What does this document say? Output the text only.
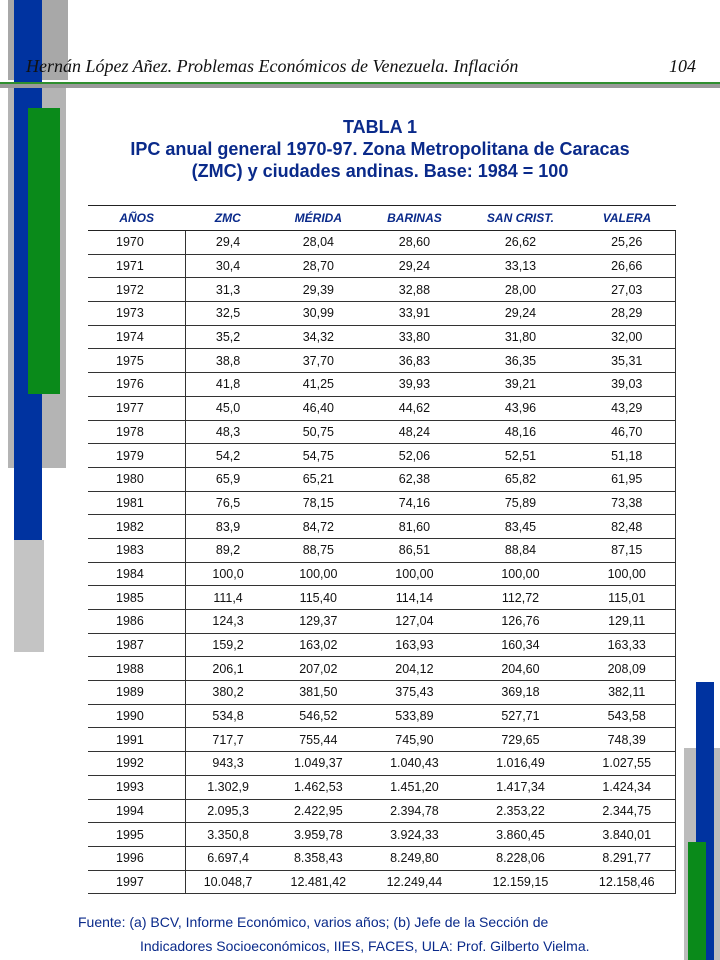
Hernán López Añez. Problemas Económicos de Venezuela. Inflación	104
TABLA 1
IPC anual general 1970-97. Zona Metropolitana de Caracas
(ZMC) y ciudades andinas. Base: 1984 = 100
AÑOS	ZMC	MÉRIDA	BARINAS	SAN CRIST.	VALERA
1970	29,4	28,04	28,60	26,62	25,26
1971	30,4	28,70	29,24	33,13	26,66
1972	31,3	29,39	32,88	28,00	27,03
1973	32,5	30,99	33,91	29,24	28,29
1974	35,2	34,32	33,80	31,80	32,00
1975	38,8	37,70	36,83	36,35	35,31
1976	41,8	41,25	39,93	39,21	39,03
1977	45,0	46,40	44,62	43,96	43,29
1978	48,3	50,75	48,24	48,16	46,70
1979	54,2	54,75	52,06	52,51	51,18
1980	65,9	65,21	62,38	65,82	61,95
1981	76,5	78,15	74,16	75,89	73,38
1982	83,9	84,72	81,60	83,45	82,48
1983	89,2	88,75	86,51	88,84	87,15
1984	100,0	100,00	100,00	100,00	100,00
1985	111,4	115,40	114,14	112,72	115,01
1986	124,3	129,37	127,04	126,76	129,11
1987	159,2	163,02	163,93	160,34	163,33
1988	206,1	207,02	204,12	204,60	208,09
1989	380,2	381,50	375,43	369,18	382,11
1990	534,8	546,52	533,89	527,71	543,58
1991	717,7	755,44	745,90	729,65	748,39
1992	943,3	1.049,37	1.040,43	1.016,49	1.027,55
1993	1.302,9	1.462,53	1.451,20	1.417,34	1.424,34
1994	2.095,3	2.422,95	2.394,78	2.353,22	2.344,75
1995	3.350,8	3.959,78	3.924,33	3.860,45	3.840,01
1996	6.697,4	8.358,43	8.249,80	8.228,06	8.291,77
1997	10.048,7	12.481,42	12.249,44	12.159,15	12.158,46
Fuente: (a) BCV, Informe Económico, varios años; (b) Jefe de la Sección de
Indicadores Socioeconómicos, IIES, FACES, ULA: Prof. Gilberto Vielma.
